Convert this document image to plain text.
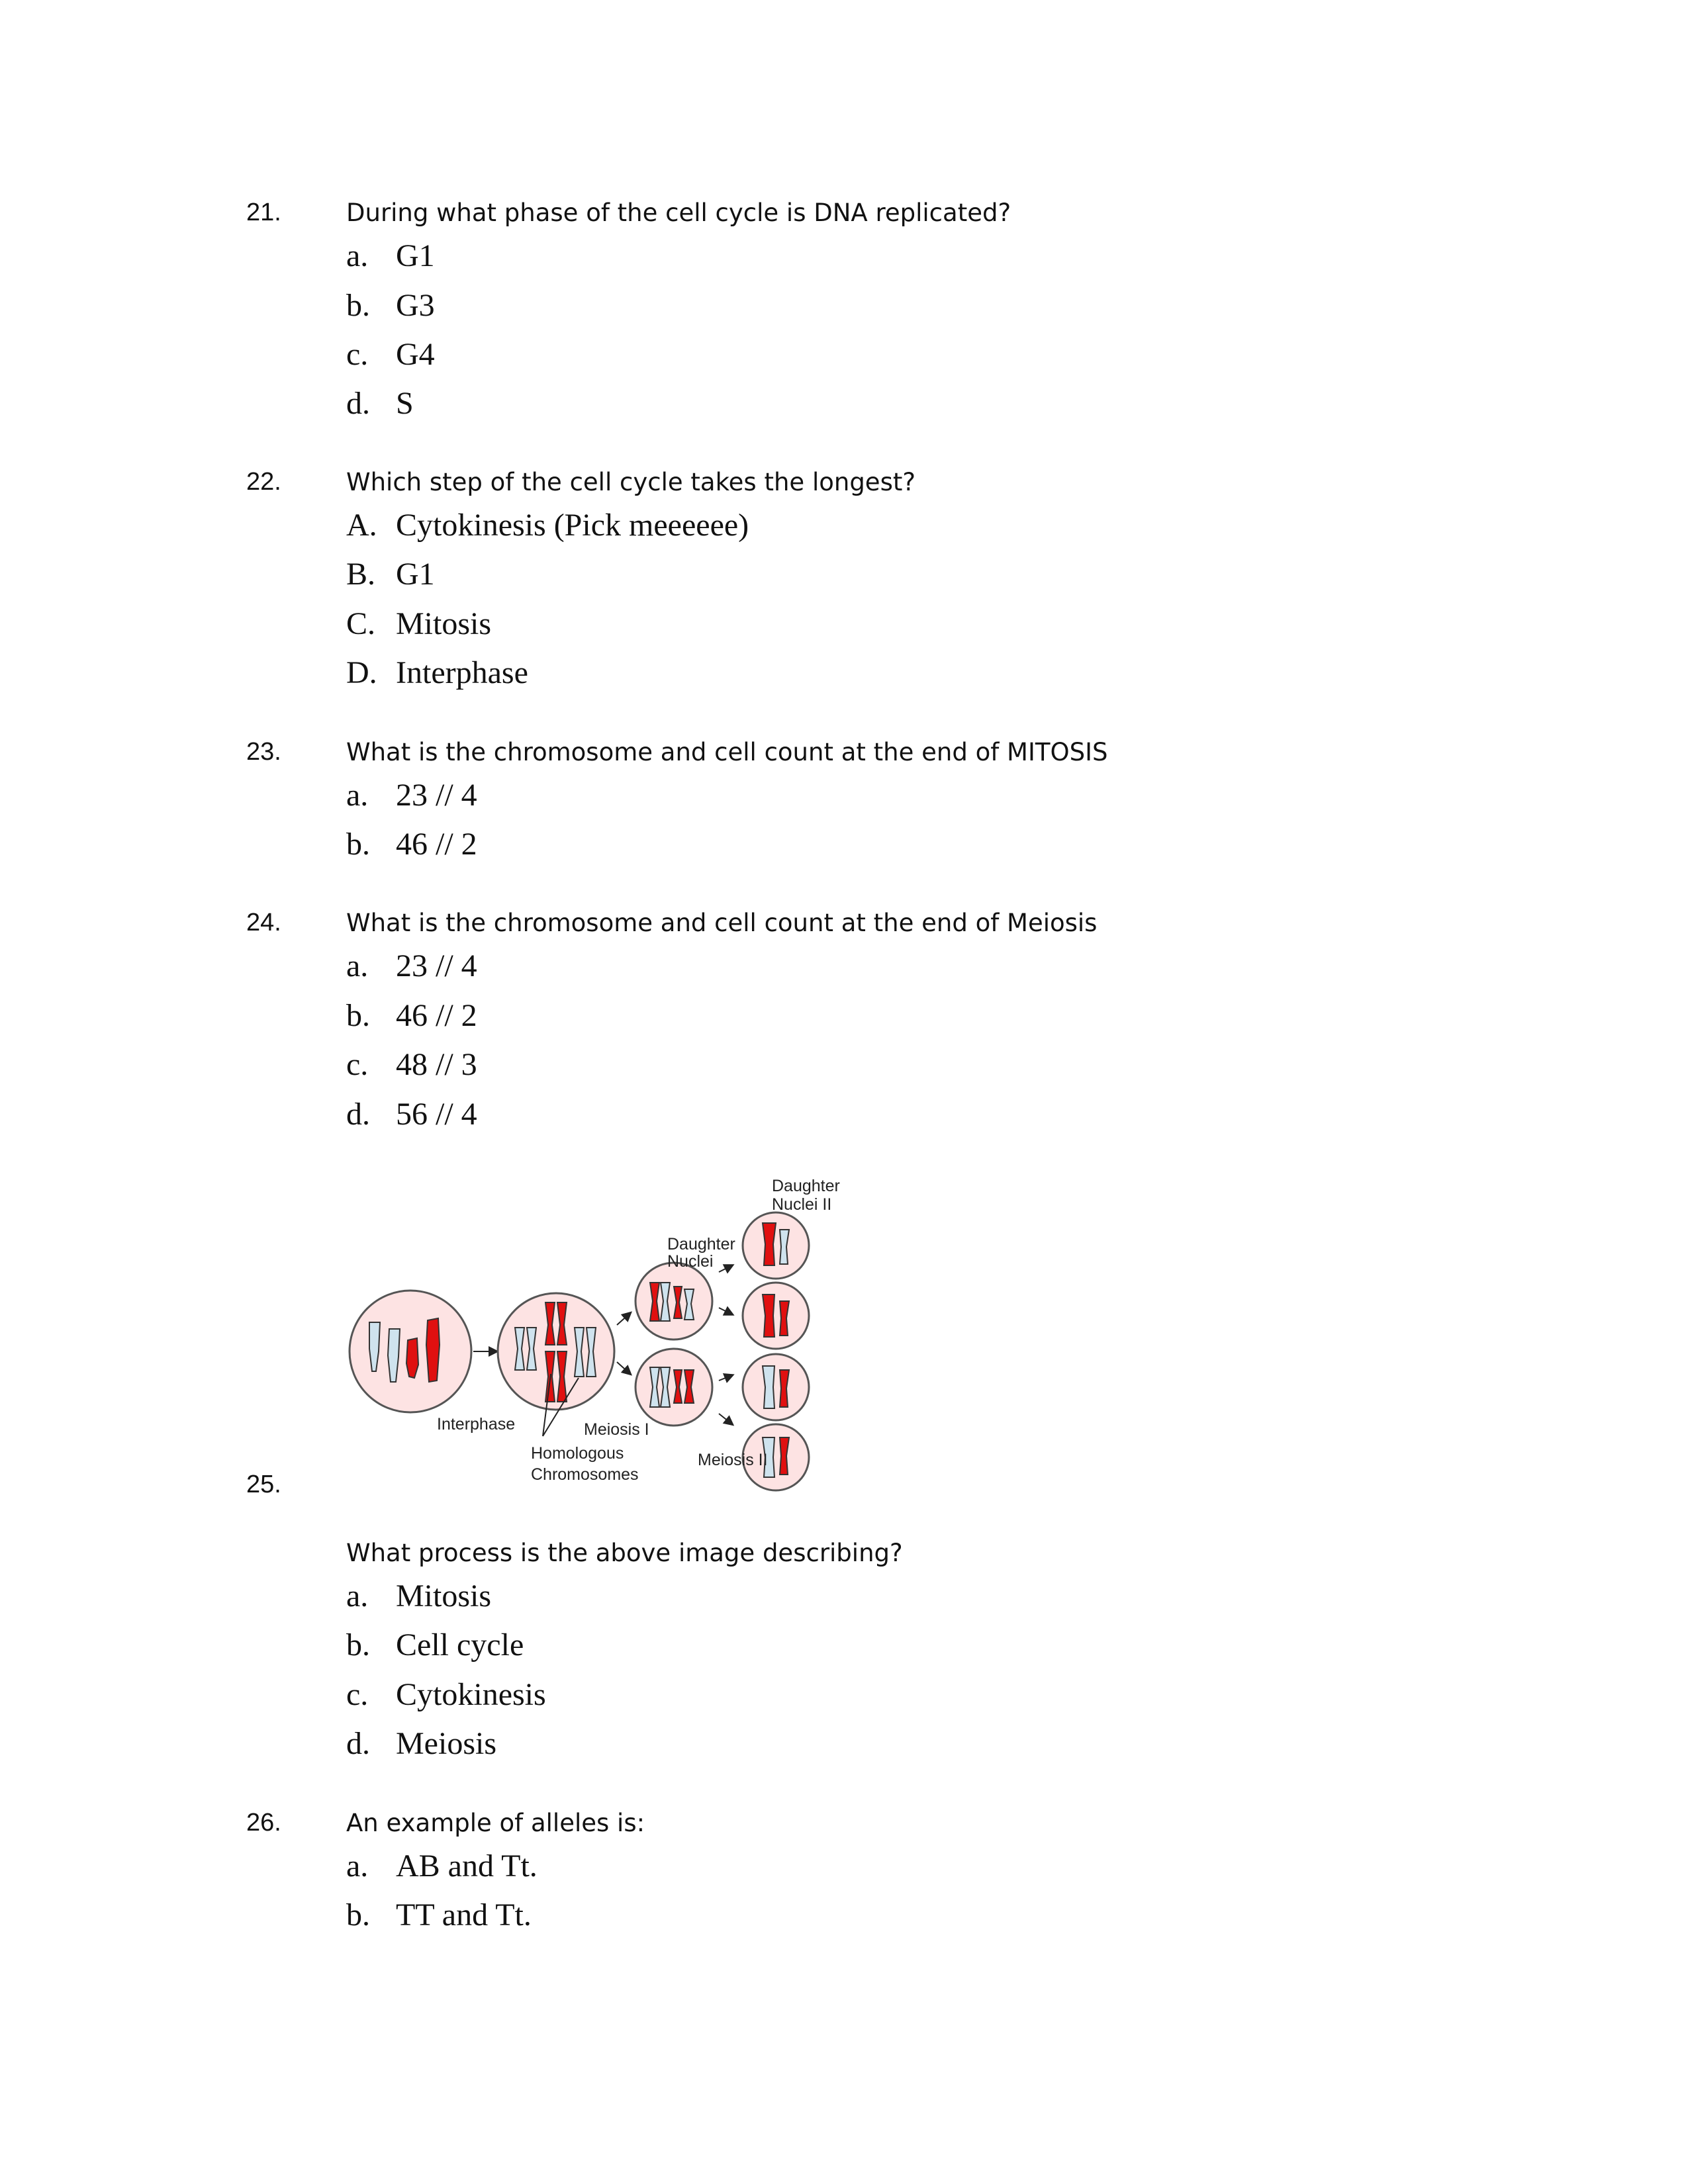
21.	During what phase of the cell cycle is DNA replicated?
a. G1
b. G3
c. G4
d. S
22.	Which step of the cell cycle takes the longest?
A. Cytokinesis (Pick meeeeee)
B. G1
C. Mitosis
D. Interphase
23.	What is the chromosome and cell count at the end of MITOSIS
a. 23 // 4
b. 46 // 2
24.	What is the chromosome and cell count at the end of Meiosis
a. 23 // 4
b. 46 // 2
c. 48 // 3
d. 56 // 4
Daughter
Nuclei II
Daughter
Nuclei
Interphase	Meiosis I
Meiosis II
Homologous
Chromosomes
25.
What process is the above image describing?
a. Mitosis
b. Cell cycle
c. Cytokinesis
d. Meiosis
26.	An example of alleles is:
a. AB and Tt.
b. TT and Tt.
